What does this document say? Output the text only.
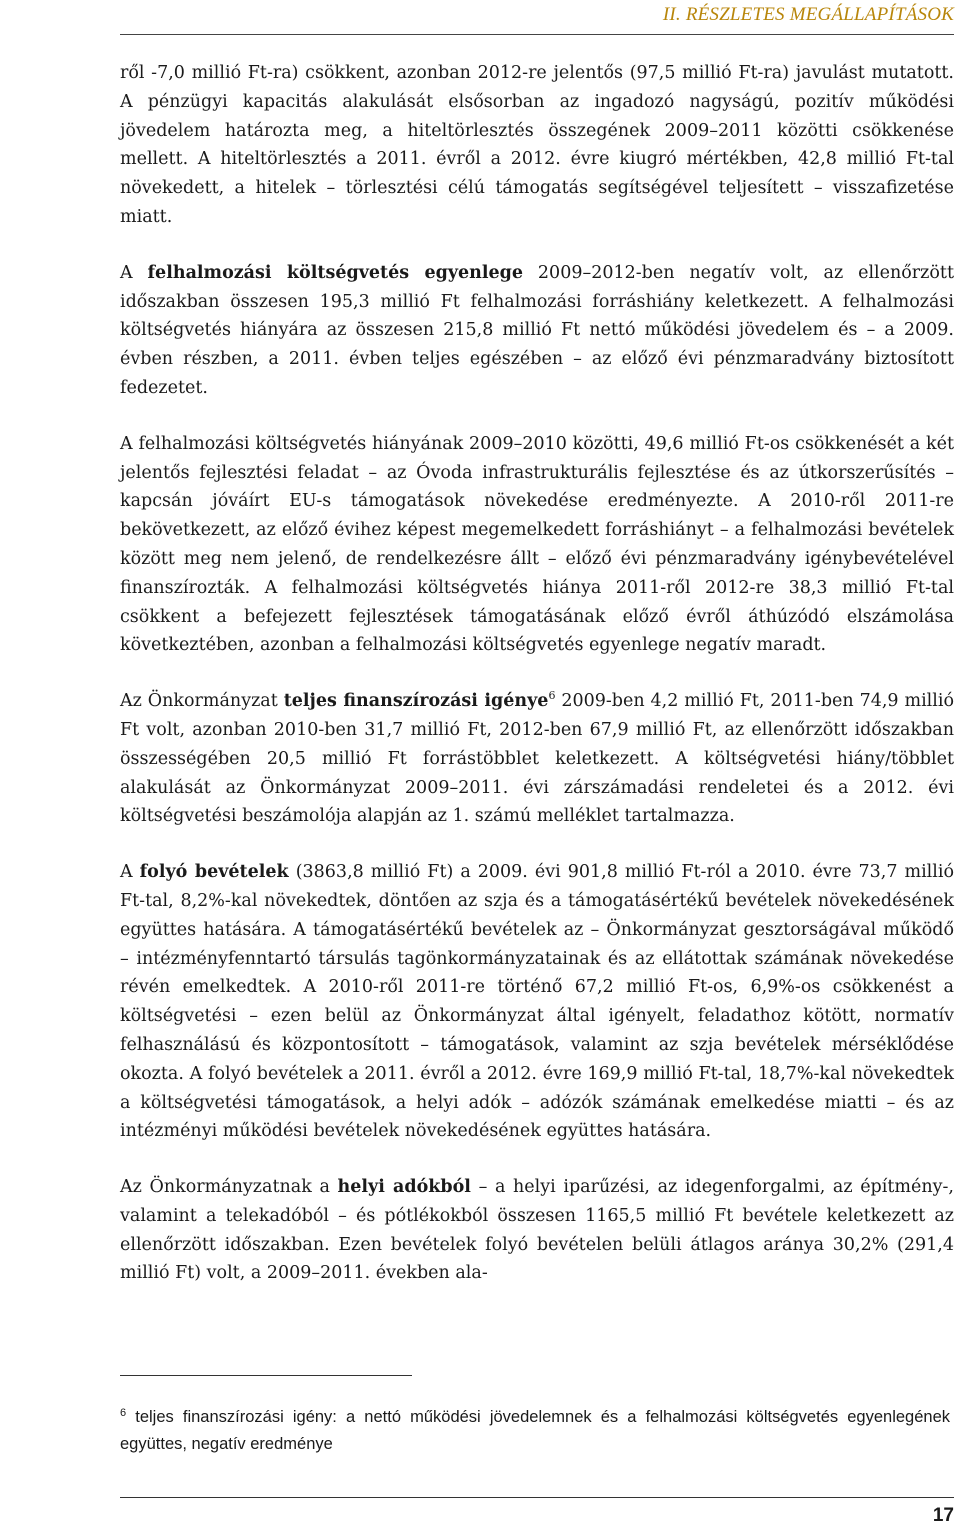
II. RÉSZLETES MEGÁLLAPÍTÁSOK

ről -7,0 millió Ft-ra) csökkent, azonban 2012-re jelentős (97,5 millió Ft-ra) javulást mutatott. A pénzügyi kapacitás alakulását elsősorban az ingadozó nagyságú, pozitív működési jövedelem határozta meg, a hiteltörlesztés összegének 2009–2011 közötti csökkenése mellett. A hiteltörlesztés a 2011. évről a 2012. évre kiugró mértékben, 42,8 millió Ft-tal növekedett, a hitelek – törlesztési célú támogatás segítségével teljesített – visszafizetése miatt.

A felhalmozási költségvetés egyenlege 2009–2012-ben negatív volt, az ellenőrzött időszakban összesen 195,3 millió Ft felhalmozási forráshiány keletkezett. A felhalmozási költségvetés hiányára az összesen 215,8 millió Ft nettó működési jövedelem és – a 2009. évben részben, a 2011. évben teljes egészében – az előző évi pénzmaradvány biztosított fedezetet.

A felhalmozási költségvetés hiányának 2009–2010 közötti, 49,6 millió Ft-os csökkenését a két jelentős fejlesztési feladat – az Óvoda infrastrukturális fejlesztése és az útkorszerűsítés – kapcsán jóváírt EU-s támogatások növekedése eredményezte. A 2010-ről 2011-re bekövetkezett, az előző évihez képest megemelkedett forráshiányt – a felhalmozási bevételek között meg nem jelenő, de rendelkezésre állt – előző évi pénzmaradvány igénybevételével finanszírozták. A felhalmozási költségvetés hiánya 2011-ről 2012-re 38,3 millió Ft-tal csökkent a befejezett fejlesztések támogatásának előző évről áthúzódó elszámolása következtében, azonban a felhalmozási költségvetés egyenlege negatív maradt.

Az Önkormányzat teljes finanszírozási igénye$^6$ 2009-ben 4,2 millió Ft, 2011-ben 74,9 millió Ft volt, azonban 2010-ben 31,7 millió Ft, 2012-ben 67,9 millió Ft, az ellenőrzött időszakban összességében 20,5 millió Ft forrástöbblet keletkezett. A költségvetési hiány/többlet alakulását az Önkormányzat 2009–2011. évi zárszámadási rendeletei és a 2012. évi költségvetési beszámolója alapján az 1. számú melléklet tartalmazza.

A folyó bevételek (3863,8 millió Ft) a 2009. évi 901,8 millió Ft-ról a 2010. évre 73,7 millió Ft-tal, 8,2%-kal növekedtek, döntően az szja és a támogatásértékű bevételek növekedésének együttes hatására. A támogatásértékű bevételek az – Önkormányzat gesztorságával működő – intézményfenntartó társulás tagönkormányzatainak és az ellátottak számának növekedése révén emelkedtek. A 2010-ről 2011-re történő 67,2 millió Ft-os, 6,9%-os csökkenést a költségvetési – ezen belül az Önkormányzat által igényelt, feladathoz kötött, normatív felhasználású és központosított – támogatások, valamint az szja bevételek mérséklődése okozta. A folyó bevételek a 2011. évről a 2012. évre 169,9 millió Ft-tal, 18,7%-kal növekedtek a költségvetési támogatások, a helyi adók – adózók számának emelkedése miatti – és az intézményi működési bevételek növekedésének együttes hatására.

Az Önkormányzatnak a helyi adókból – a helyi iparűzési, az idegenforgalmi, az építmény-, valamint a telekadóból – és pótlékokból összesen 1165,5 millió Ft bevétele keletkezett az ellenőrzött időszakban. Ezen bevételek folyó bevételen belüli átlagos aránya 30,2% (291,4 millió Ft) volt, a 2009–2011. években ala-

$^6$ teljes finanszírozási igény: a nettó működési jövedelemnek és a felhalmozási költségvetés egyenlegének együttes, negatív eredménye
17
